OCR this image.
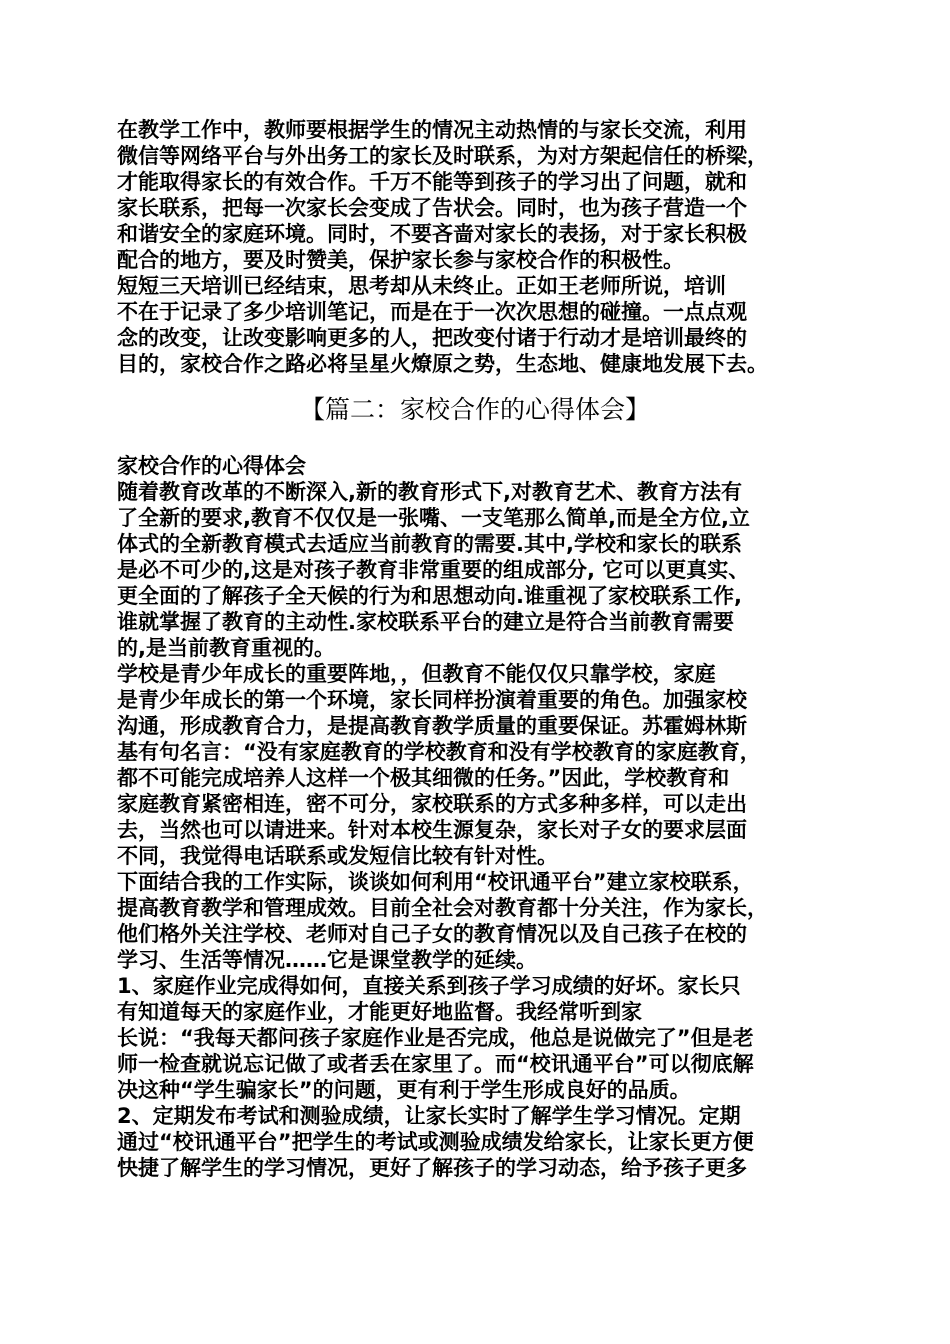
在教学工作中，教师要根据学生的情况主动热情的与家长交流，利用
微信等网络平台与外出务工的家长及时联系，为对方架起信任的桥梁，
才能取得家长的有效合作。千万不能等到孩子的学习出了问题，就和
家长联系，把每一次家长会变成了告状会。同时，也为孩子营造一个
和谐安全的家庭环境。同时，不要吝啬对家长的表扬，对于家长积极
配合的地方，要及时赞美，保护家长参与家校合作的积极性。
短短三天培训已经结束，思考却从未终止。正如王老师所说，培训
不在于记录了多少培训笔记，而是在于一次次思想的碰撞。一点点观
念的改变，让改变影响更多的人，把改变付诸于行动才是培训最终的
目的，家校合作之路必将呈星火燎原之势，生态地、健康地发展下去。
【篇二：家校合作的心得体会】
家校合作的心得体会
随着教育改革的不断深入,新的教育形式下,对教育艺术、教育方法有
了全新的要求,教育不仅仅是一张嘴、一支笔那么简单,而是全方位,立
体式的全新教育模式去适应当前教育的需要.其中,学校和家长的联系
是必不可少的,这是对孩子教育非常重要的组成部分, 它可以更真实、
更全面的了解孩子全天候的行为和思想动向.谁重视了家校联系工作,
谁就掌握了教育的主动性.家校联系平台的建立是符合当前教育需要
的,是当前教育重视的。
学校是青少年成长的重要阵地，，但教育不能仅仅只靠学校，家庭
是青少年成长的第一个环境，家长同样扮演着重要的角色。加强家校
沟通，形成教育合力，是提高教育教学质量的重要保证。苏霍姆林斯
基有句名言：“没有家庭教育的学校教育和没有学校教育的家庭教育，
都不可能完成培养人这样一个极其细微的任务。”因此，学校教育和
家庭教育紧密相连，密不可分，家校联系的方式多种多样，可以走出
去，当然也可以请进来。针对本校生源复杂，家长对子女的要求层面
不同，我觉得电话联系或发短信比较有针对性。
下面结合我的工作实际，谈谈如何利用“校讯通平台”建立家校联系，
提高教育教学和管理成效。目前全社会对教育都十分关注，作为家长，
他们格外关注学校、老师对自己子女的教育情况以及自己孩子在校的
学习、生活等情况……它是课堂教学的延续。
1、家庭作业完成得如何，直接关系到孩子学习成绩的好坏。家长只
有知道每天的家庭作业，才能更好地监督。我经常听到家
长说：“我每天都问孩子家庭作业是否完成，他总是说做完了”但是老
师一检查就说忘记做了或者丢在家里了。而“校讯通平台”可以彻底解
决这种“学生骗家长”的问题，更有利于学生形成良好的品质。
2、定期发布考试和测验成绩，让家长实时了解学生学习情况。定期
通过“校讯通平台”把学生的考试或测验成绩发给家长，让家长更方便
快捷了解学生的学习情况，更好了解孩子的学习动态，给予孩子更多
